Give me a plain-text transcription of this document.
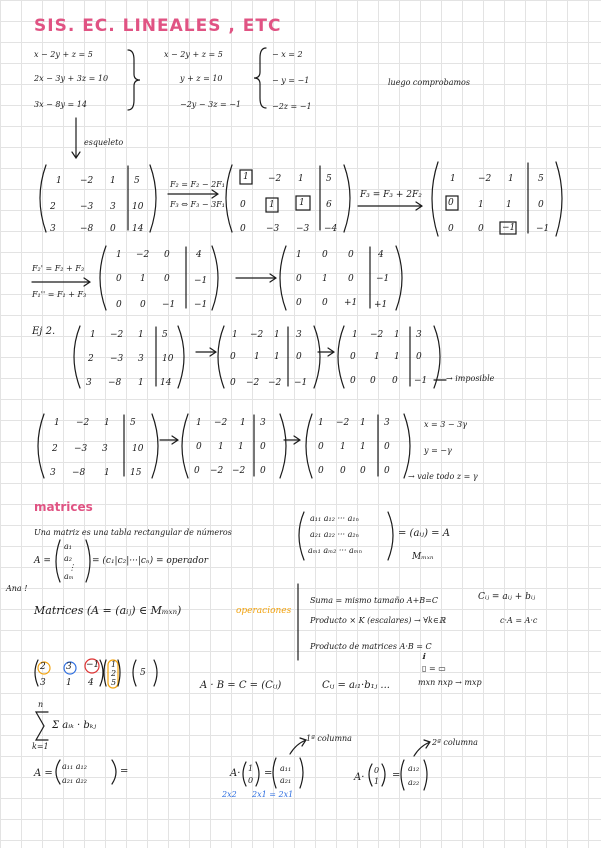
SIS. EC. LINEALES , ETC
x − 2y + z = 5
2x − 3y + 3z = 10
3x − 8y = 14
x − 2y + z = 5
y + z = 10
−2y − 3z = −1
− x = 2
− y = −1
−2z = −1
luego comprobamos
esqueleto
1 −2 1 5
2	−3 3 10
3	−8 0 14
F₂ = F₂ − 2F₁
F₃ ⇔ F₃ − 3F₁
1 −2 1 5
0	1	1 6
0 −3 −3 −4
F₃ = F₃ + 2F₂
1 −2 1	5
0	1 1	0
0	0 −1 −1
F₂' = F₂ + F₃
F₁'' = F₁ + F₃
1 −2 0	4
0 1 0	−1
0 0 −1 −1
1 0 0	4
0 1 0 −1
0 0 +1 +1
Ej 2.	1 −2 1 5
2 −3 3 10
3 −8 1 14
1 −2 1 3
0 1 1 0
0 −2 −2 −1
1 −2 1 3
0 1 1 0
0 0 0 −1 → imposible
1 −2 1 5
2 −3 3	10
3 −8 1 15
1 −2 1 3
0 1 1 0
0 −2 −2 0
1 −2 1 3
0 1 1 0
0 0 0 0
x = 3 − 3γ
y = −γ
→ vale todo z = γ
matrices
Una matriz es una tabla rectangular de números
a₁₁ a₁₂ ··· a₁ₙ
a₂₁ a₂₂ ··· a₂ₙ
aₘ₁ aₘ₂ ··· aₘₙ
= (aᵢⱼ) = A
Mₘₓₙ
A =
a₁
a₂
⋮
aₘ
= (c₁|c₂|···|cₙ) = operador
Ana !
Matrices (A = (aᵢⱼ) ∈ Mₘₓₙ)	operaciones
Suma = mismo tamaño A+B=C
Producto × K (escalares) → ∀k∈ℝ
Producto de matrices A·B = C
Cᵢⱼ = aᵢⱼ + bᵢⱼ
c·A = A·c
ℹ
▯ = ▭
mxn nxp → mxp
2 3 −1
3 1 4
1
2
5
5
A · B = C = (Cᵢⱼ)	Cᵢⱼ = aᵢ₁·b₁ⱼ ...
n
Σ aᵢₖ · bₖⱼ
k=1
A =
a₁₁ a₁₂
a₂₁ a₂₂
=	A· 1
0
= a₁₁
a₂₁
1ª columna
2x2 2x1 = 2x1
A·
0
1
=
a₁₂
a₂₂
2ª columna
